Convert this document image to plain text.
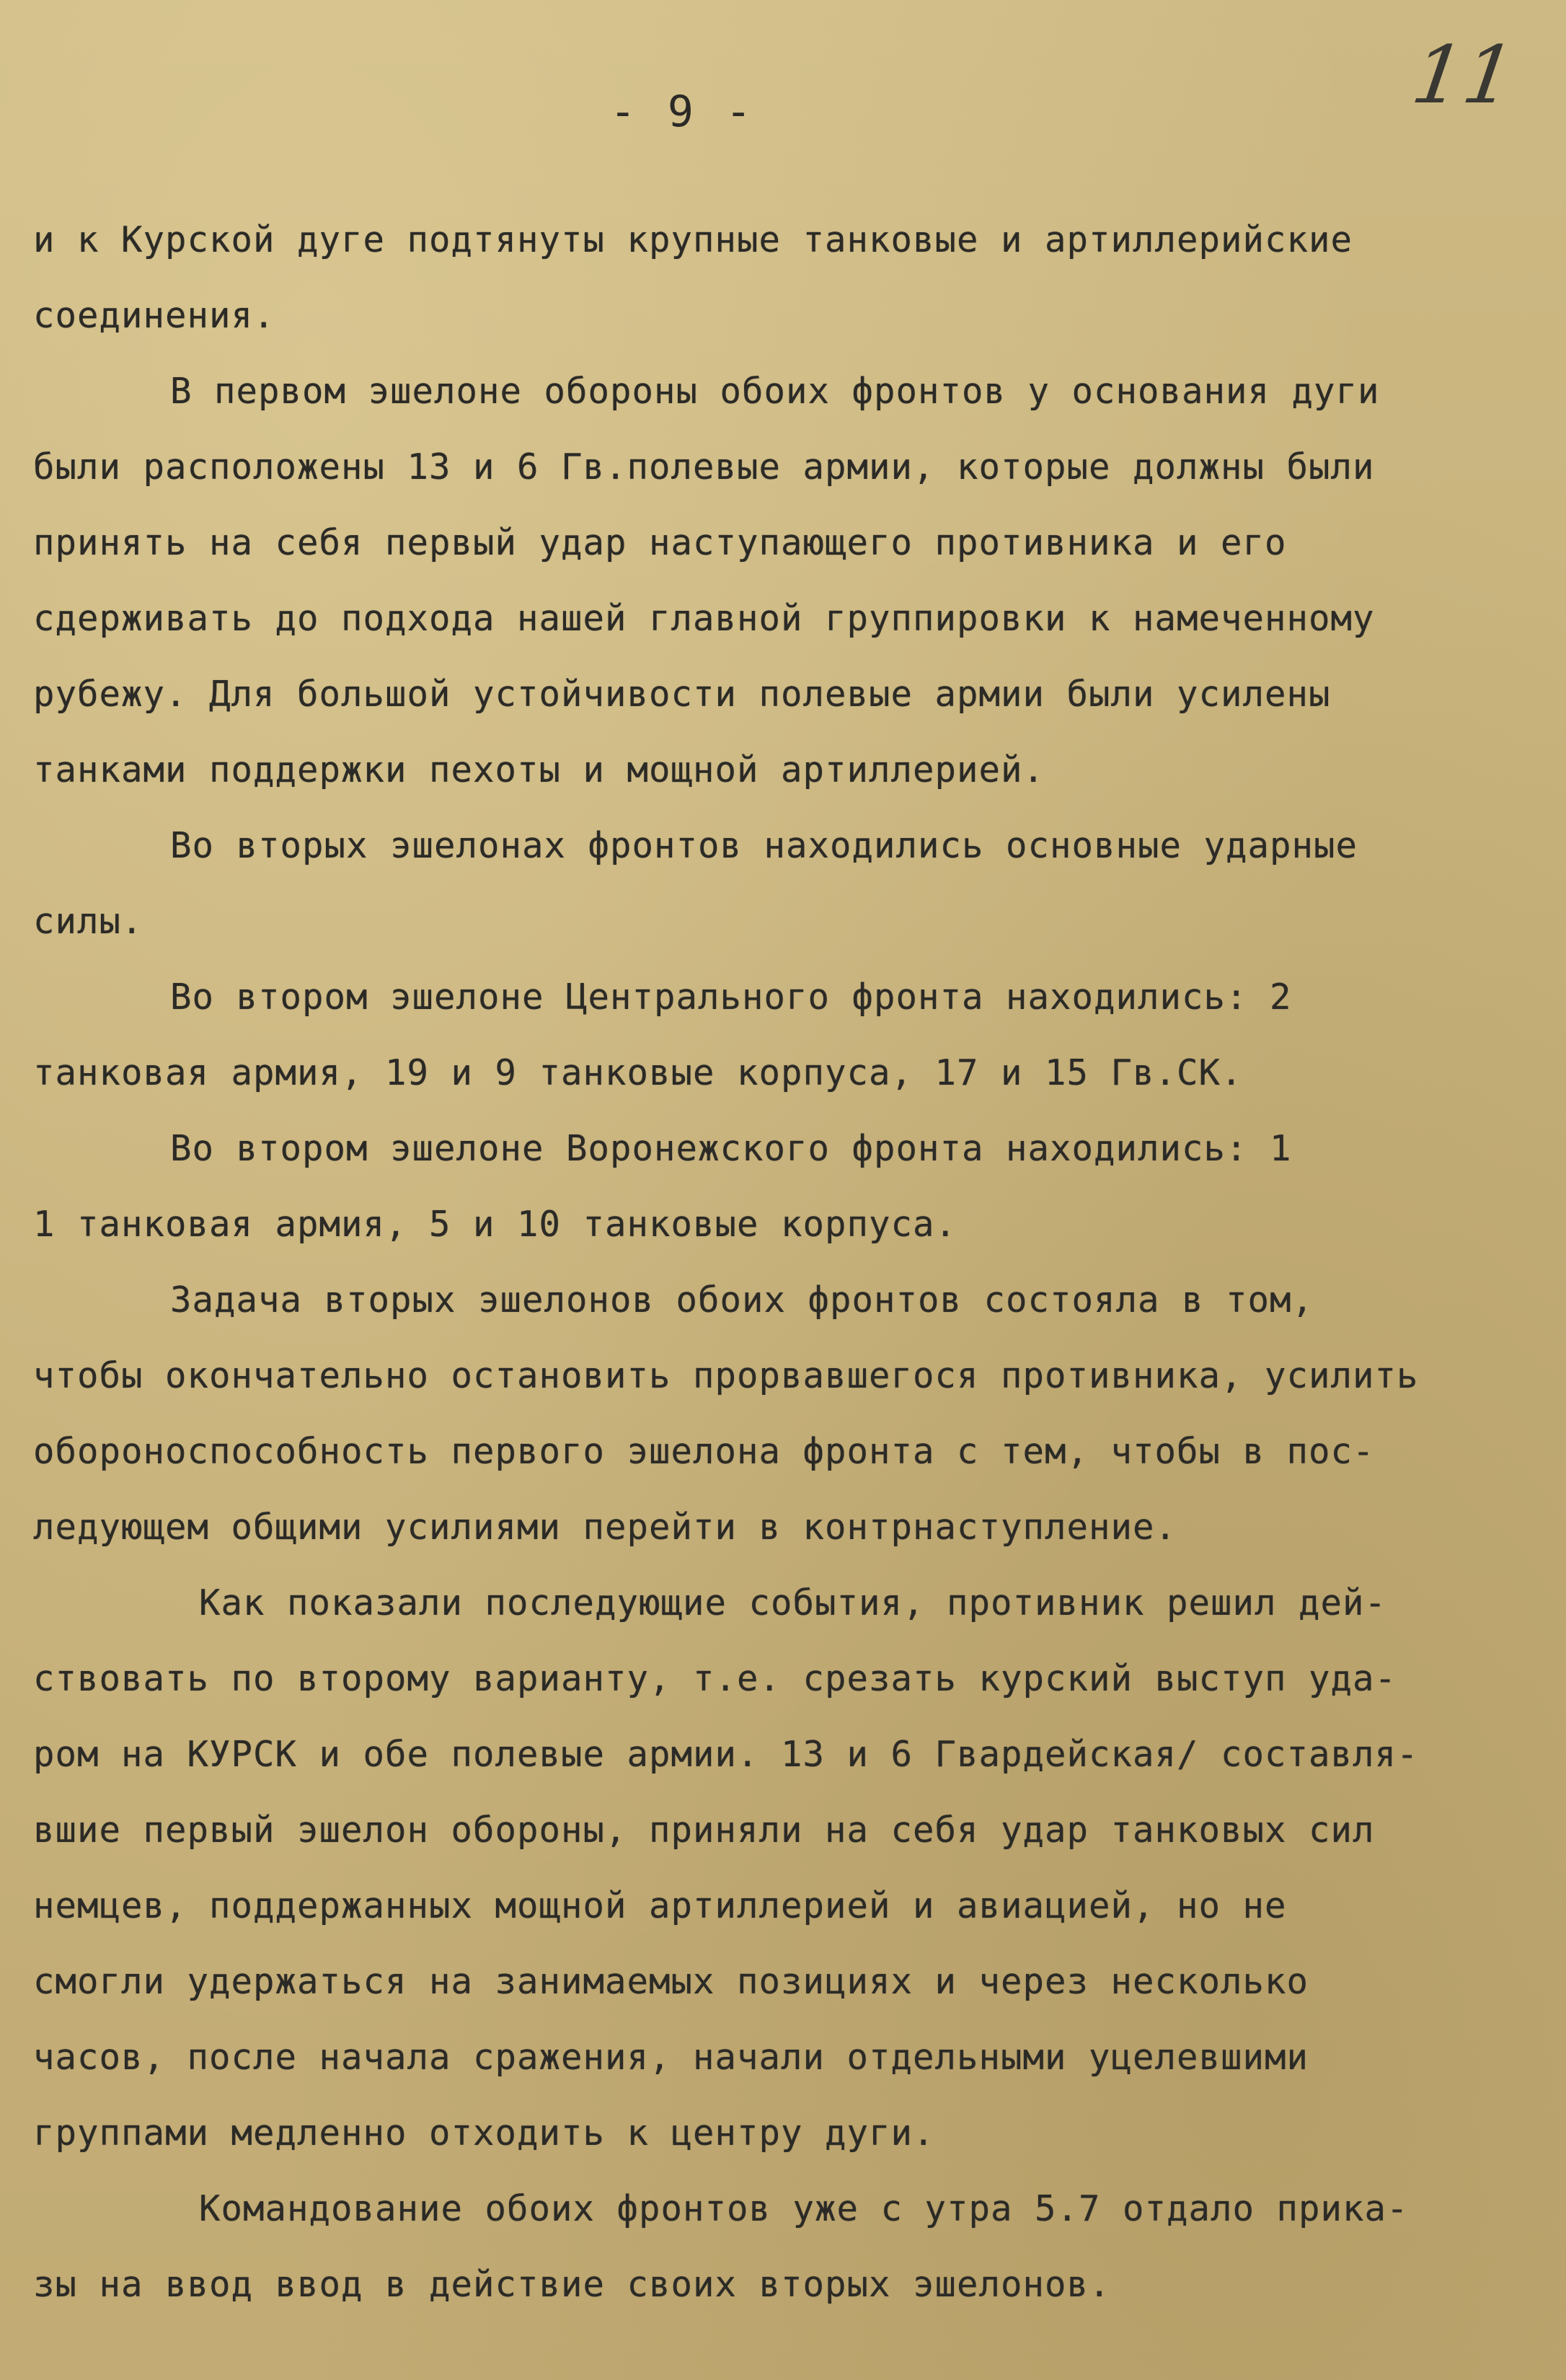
11
- 9 -
и к Курской дуге подтянуты крупные танковые и артиллерийские
соединения.
В первом эшелоне обороны обоих фронтов у основания дуги
были расположены 13 и 6 Гв.полевые армии, которые должны были
принять на себя первый удар наступающего противника и его
сдерживать до подхода нашей главной группировки к намеченному
рубежу. Для большой устойчивости полевые армии были усилены
танками поддержки пехоты и мощной артиллерией.
Во вторых эшелонах фронтов находились основные ударные
силы.
Во втором эшелоне Центрального фронта находились: 2
танковая армия, 19 и 9 танковые корпуса, 17 и 15 Гв.СК.
Во втором эшелоне Воронежского фронта находились: 1
1 танковая армия, 5 и 10 танковые корпуса.
Задача вторых эшелонов обоих фронтов состояла в том,
чтобы окончательно остановить прорвавшегося противника, усилить
обороноспособность первого эшелона фронта с тем, чтобы в пос-
ледующем общими усилиями перейти в контрнаступление.
Как показали последующие события, противник решил дей-
ствовать по второму варианту, т.е. срезать курский выступ уда-
ром на КУРСК и обе полевые армии. 13 и 6 Гвардейская/ составля-
вшие первый эшелон обороны, приняли на себя удар танковых сил
немцев, поддержанных мощной артиллерией и авиацией, но не
смогли удержаться на занимаемых позициях и через несколько
часов, после начала сражения, начали отдельными уцелевшими
группами медленно отходить к центру дуги.
Командование обоих фронтов уже с утра 5.7 отдало прика-
зы на ввод ввод в действие своих вторых эшелонов.
